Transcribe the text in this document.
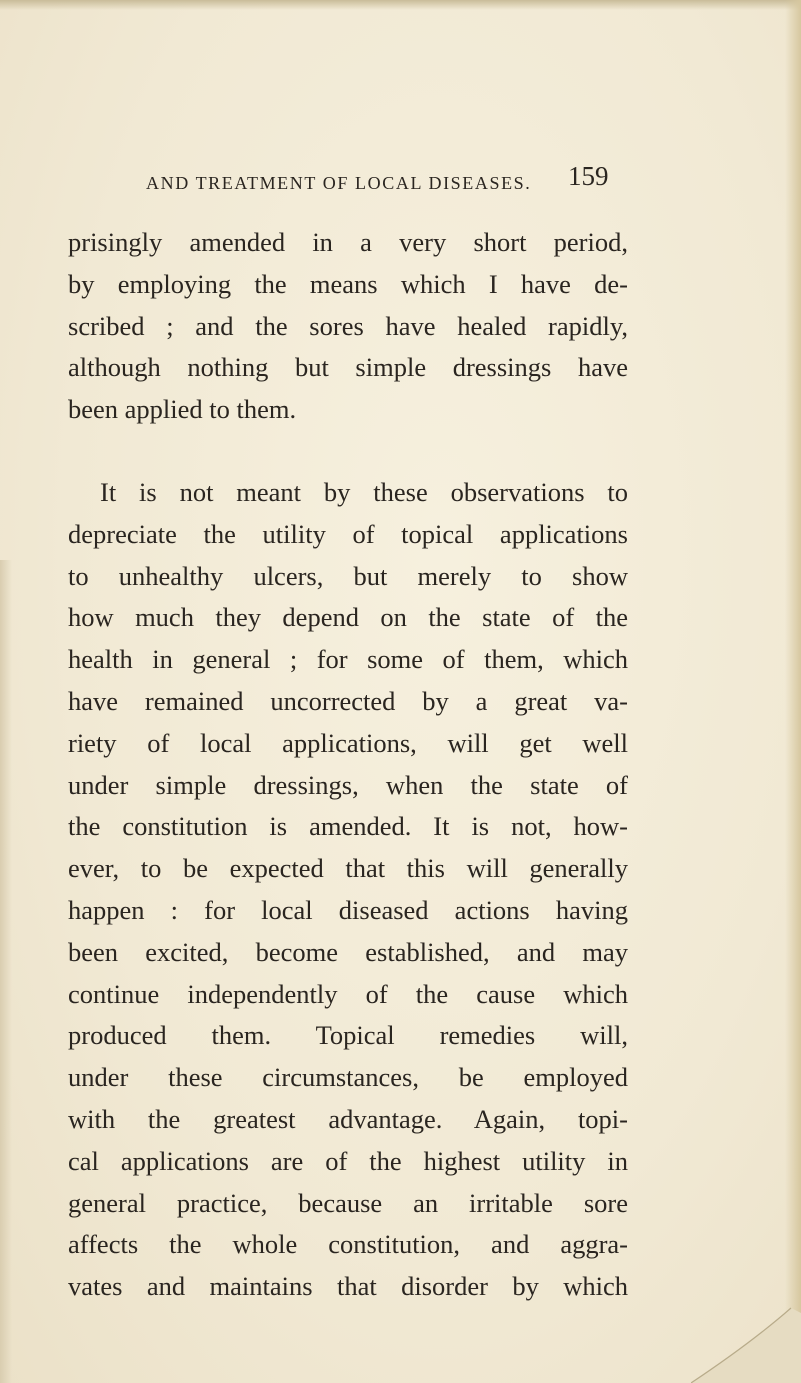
AND TREATMENT OF LOCAL DISEASES. 159
prisingly amended in a very short period,
by employing the means which I have de-
scribed ; and the sores have healed rapidly,
although nothing but simple dressings have
been applied to them.
It is not meant by these observations to
depreciate the utility of topical applications
to unhealthy ulcers, but merely to show
how much they depend on the state of the
health in general ; for some of them, which
have remained uncorrected by a great va-
riety of local applications, will get well
under simple dressings, when the state of
the constitution is amended. It is not, how-
ever, to be expected that this will generally
happen : for local diseased actions having
been excited, become established, and may
continue independently of the cause which
produced them. Topical remedies will,
under these circumstances, be employed
with the greatest advantage. Again, topi-
cal applications are of the highest utility in
general practice, because an irritable sore
affects the whole constitution, and aggra-
vates and maintains that disorder by which
